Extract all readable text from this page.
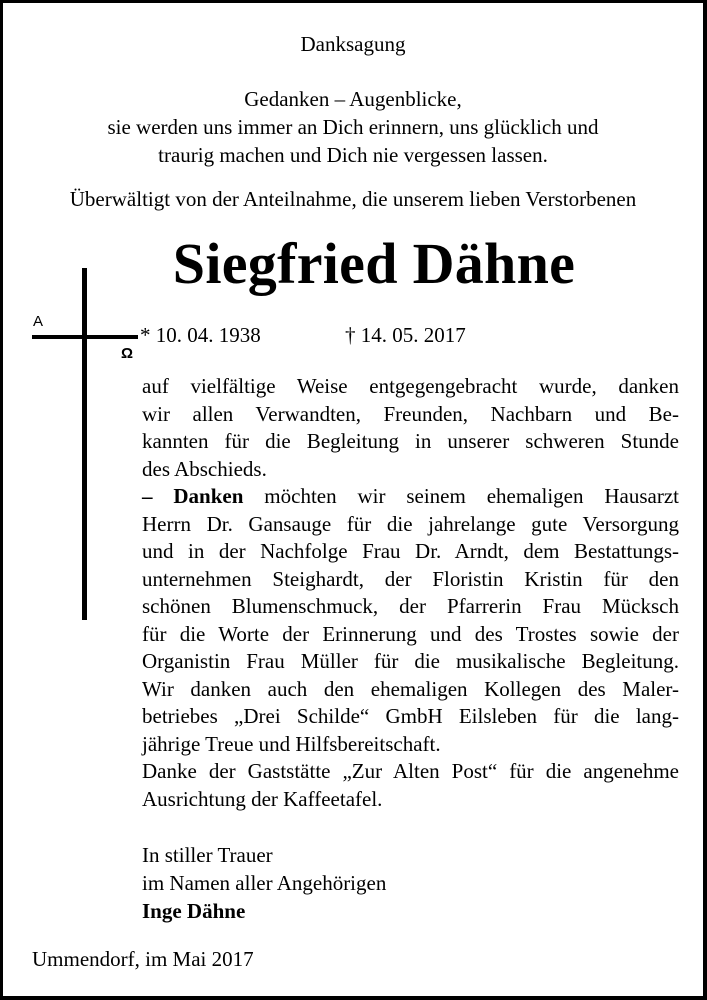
Danksagung
Gedanken – Augenblicke,
sie werden uns immer an Dich erinnern, uns glücklich und
traurig machen und Dich nie vergessen lassen.
Überwältigt von der Anteilnahme, die unserem lieben Verstorbenen
Siegfried Dähne
A
Ω
* 10. 04. 1938	† 14. 05. 2017
auf vielfältige Weise entgegengebracht wurde, danken
wir allen Verwandten, Freunden, Nachbarn und Be-
kannten für die Begleitung in unserer schweren Stunde
des Abschieds.
– Danken möchten wir seinem ehemaligen Hausarzt
Herrn Dr. Gansauge für die jahrelange gute Versorgung
und in der Nachfolge Frau Dr. Arndt, dem Bestattungs-
unternehmen Steighardt, der Floristin Kristin für den
schönen Blumenschmuck, der Pfarrerin Frau Mücksch
für die Worte der Erinnerung und des Trostes sowie der
Organistin Frau Müller für die musikalische Begleitung.
Wir danken auch den ehemaligen Kollegen des Maler-
betriebes „Drei Schilde“ GmbH Eilsleben für die lang-
jährige Treue und Hilfsbereitschaft.
Danke der Gaststätte „Zur Alten Post“ für die angenehme
Ausrichtung der Kaffeetafel.
In stiller Trauer
im Namen aller Angehörigen
Inge Dähne
Ummendorf, im Mai 2017
